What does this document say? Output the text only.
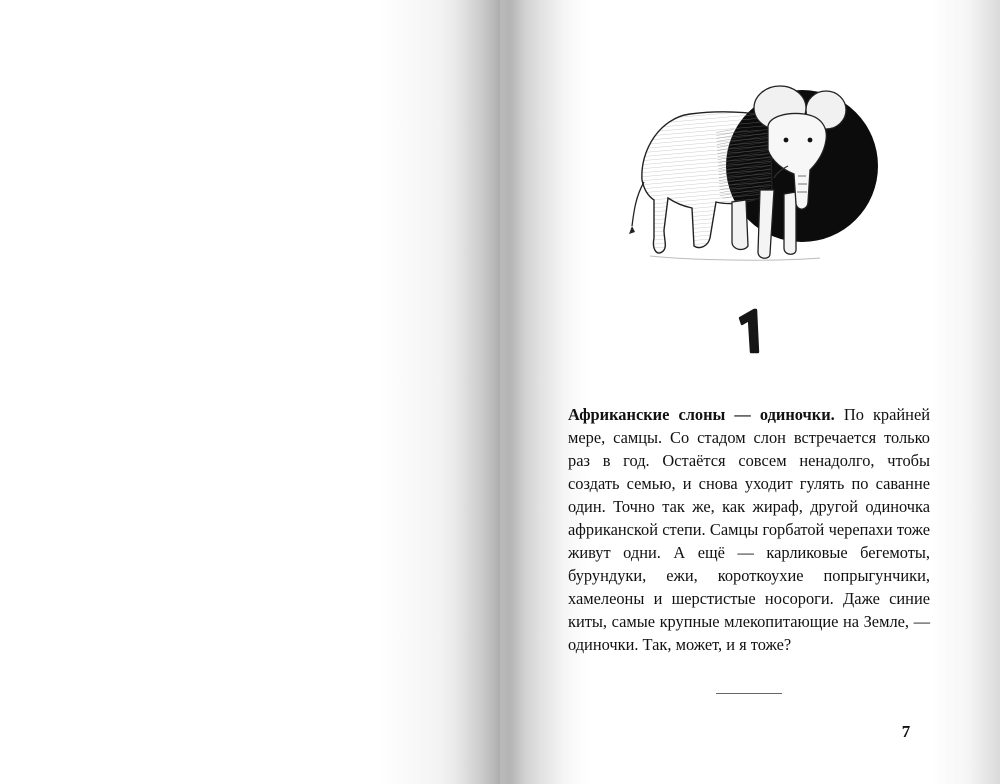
1

Африканские слоны — одиночки. По крайней мере, самцы. Со стадом слон встречается только раз в год. Остаётся совсем ненадолго, чтобы создать семью, и снова уходит гулять по саванне один. Точно так же, как жираф, другой одиночка африканской степи. Самцы горбатой черепахи тоже живут одни. А ещё — карликовые бегемоты, бурундуки, ежи, короткоухие попрыгунчики, хамелеоны и шерстистые носороги. Даже синие киты, самые крупные млекопитающие на Земле, — одиночки. Так, может, и я тоже?

7
